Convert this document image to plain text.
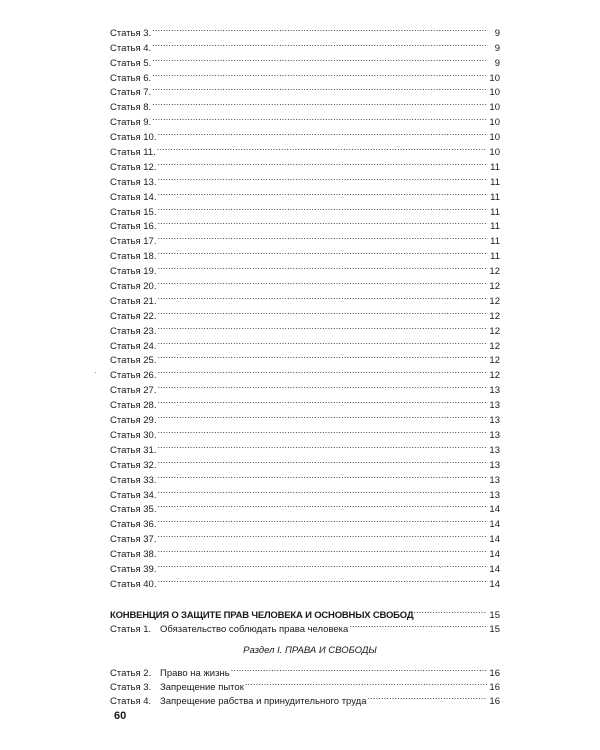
Статья 3. .....	9
Статья 4. .....	9
Статья 5. .....	9
Статья 6. .....	10
Статья 7. .....	10
Статья 8. .....	10
Статья 9. .....	10
Статья 10. .....	10
Статья 11. .....	10
Статья 12. .....	11
Статья 13. .....	11
Статья 14. .....	11
Статья 15. .....	11
Статья 16. .....	11
Статья 17. .....	11
Статья 18. .....	11
Статья 19. .....	12
Статья 20. .....	12
Статья 21. .....	12
Статья 22. .....	12
Статья 23. .....	12
Статья 24. .....	12
Статья 25. .....	12
Статья 26. .....	12
Статья 27. .....	13
Статья 28. .....	13
Статья 29. .....	13
Статья 30. .....	13
Статья 31. .....	13
Статья 32. .....	13
Статья 33. .....	13
Статья 34. .....	13
Статья 35. .....	14
Статья 36. .....	14
Статья 37. .....	14
Статья 38. .....	14
Статья 39. .....	14
Статья 40. .....	14
КОНВЕНЦИЯ О ЗАЩИТЕ ПРАВ ЧЕЛОВЕКА И ОСНОВНЫХ СВОБОД .....	15
Статья 1. Обязательство соблюдать права человека .....	15
Раздел I. ПРАВА И СВОБОДЫ
Статья 2. Право на жизнь .....	16
Статья 3. Запрещение пыток .....	16
Статья 4. Запрещение рабства и принудительного труда .....	16
60
